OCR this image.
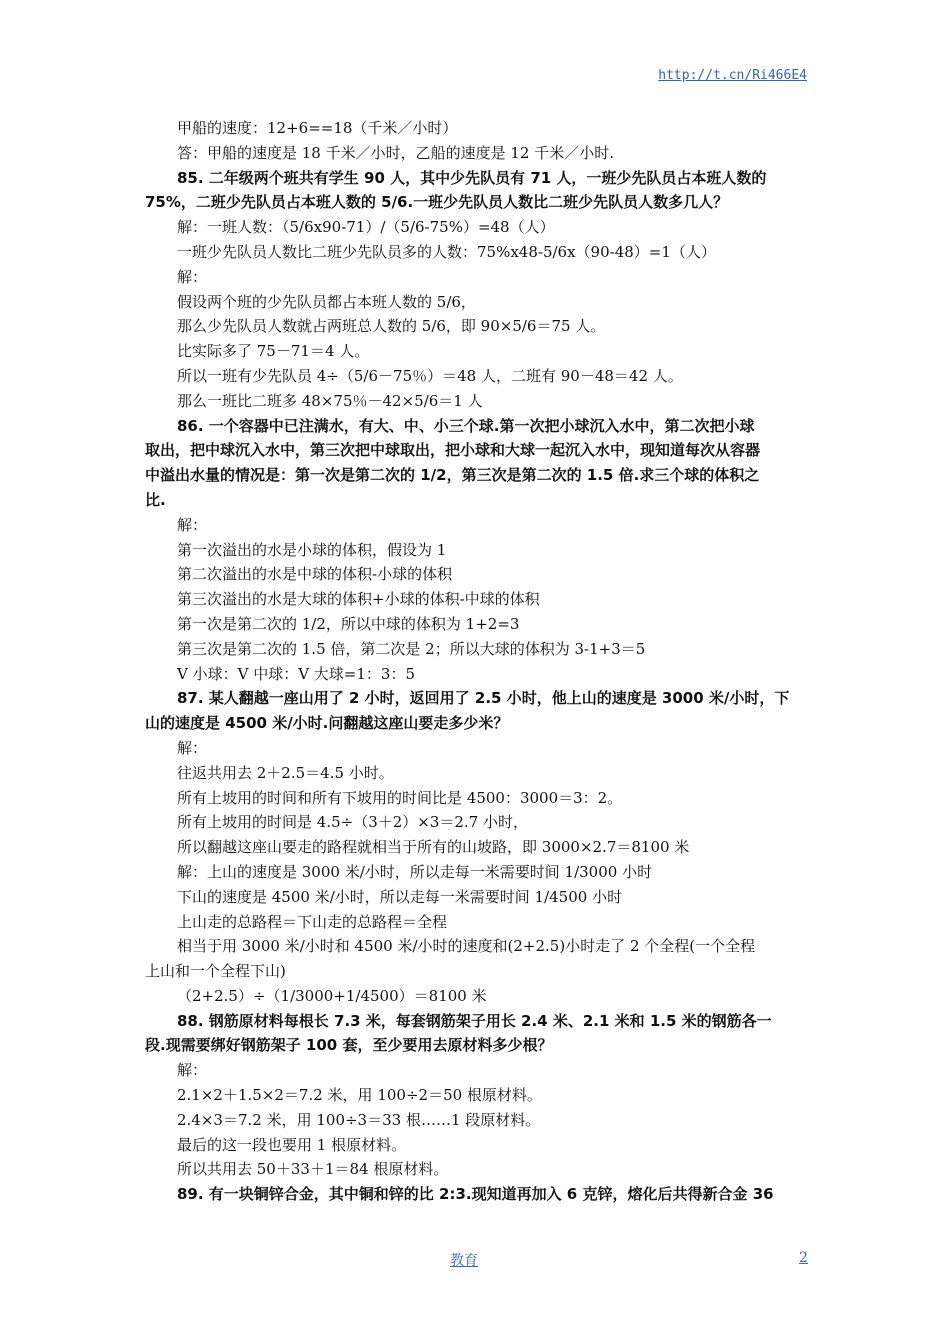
http://t.cn/Ri466E4
甲船的速度：12+6==18（千米／小时）
答：甲船的速度是 18 千米／小时，乙船的速度是 12 千米／小时.
85. 二年级两个班共有学生 90 人，其中少先队员有 71 人，一班少先队员占本班人数的
75%，二班少先队员占本班人数的 5/6.一班少先队员人数比二班少先队员人数多几人？
解：一班人数：（5/6x90-71）/（5/6-75%）=48（人）
一班少先队员人数比二班少先队员多的人数：75%x48-5/6x（90-48）=1（人）
解：
假设两个班的少先队员都占本班人数的 5/6，
那么少先队员人数就占两班总人数的 5/6，即 90×5/6＝75 人。
比实际多了 75－71＝4 人。
所以一班有少先队员 4÷（5/6－75％）＝48 人，二班有 90－48＝42 人。
那么一班比二班多 48×75％－42×5/6＝1 人
86. 一个容器中已注满水，有大、中、小三个球.第一次把小球沉入水中，第二次把小球
取出，把中球沉入水中，第三次把中球取出，把小球和大球一起沉入水中，现知道每次从容器
中溢出水量的情况是：第一次是第二次的 1/2，第三次是第二次的 1.5 倍.求三个球的体积之
比.
解：
第一次溢出的水是小球的体积，假设为 1
第二次溢出的水是中球的体积-小球的体积
第三次溢出的水是大球的体积+小球的体积-中球的体积
第一次是第二次的 1/2，所以中球的体积为 1+2=3
第三次是第二次的 1.5 倍，第二次是 2；所以大球的体积为 3-1+3＝5
V 小球：V 中球：V 大球=1：3：5
87. 某人翻越一座山用了 2 小时，返回用了 2.5 小时，他上山的速度是 3000 米/小时，下
山的速度是 4500 米/小时.问翻越这座山要走多少米？
解：
往返共用去 2＋2.5＝4.5 小时。
所有上坡用的时间和所有下坡用的时间比是 4500：3000＝3：2。
所有上坡用的时间是 4.5÷（3＋2）×3＝2.7 小时，
所以翻越这座山要走的路程就相当于所有的山坡路，即 3000×2.7＝8100 米
解：上山的速度是 3000 米/小时，所以走每一米需要时间 1/3000 小时
下山的速度是 4500 米/小时，所以走每一米需要时间 1/4500 小时
上山走的总路程＝下山走的总路程＝全程
相当于用 3000 米/小时和 4500 米/小时的速度和(2+2.5)小时走了 2 个全程(一个全程
上山和一个全程下山)
（2+2.5）÷（1/3000+1/4500）＝8100 米
88. 钢筋原材料每根长 7.3 米，每套钢筋架子用长 2.4 米、2.1 米和 1.5 米的钢筋各一
段.现需要绑好钢筋架子 100 套，至少要用去原材料多少根？
解：
2.1×2＋1.5×2＝7.2 米，用 100÷2＝50 根原材料。
2.4×3＝7.2 米，用 100÷3＝33 根……1 段原材料。
最后的这一段也要用 1 根原材料。
所以共用去 50＋33＋1＝84 根原材料。
89. 有一块铜锌合金，其中铜和锌的比 2:3.现知道再加入 6 克锌，熔化后共得新合金 36
教育	2
